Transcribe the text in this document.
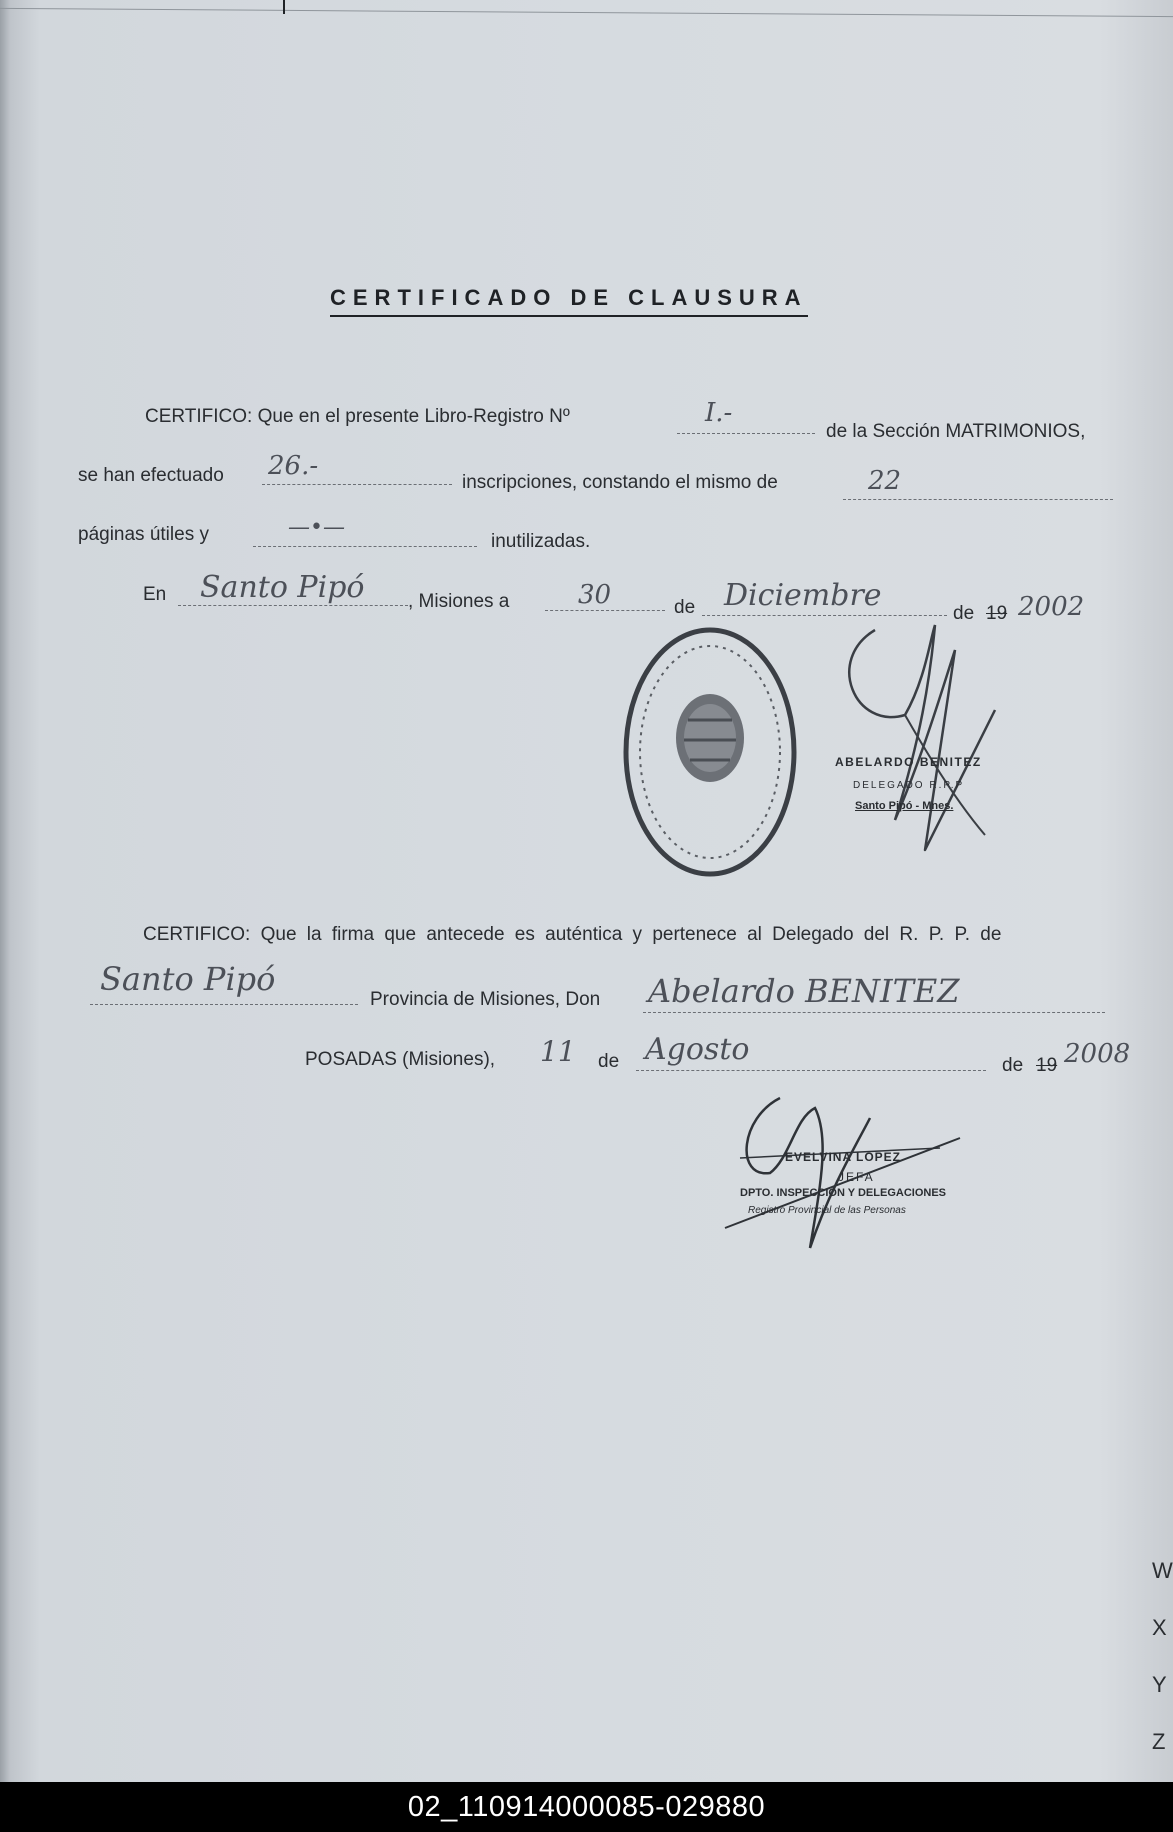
CERTIFICADO DE CLAUSURA
CERTIFICO: Que en el presente Libro-Registro Nº	I.-
de la Sección MATRIMONIOS,
se han efectuado 26.-
inscripciones, constando el mismo de	22
páginas útiles y	—•—
inutilizadas.
En Santo Pipó , Misiones a	30	de Diciembre
de 19 2002
ABELARDO BENITEZ
DELEGADO R.P.P
Santo Pipó - Mnes.
CERTIFICO: Que la firma que antecede es auténtica y pertenece al Delegado del R. P. P. de
Santo Pipó
Provincia de Misiones, Don Abelardo BENITEZ
POSADAS (Misiones), 11 de Agosto	de 19 2008
EVELVINA LOPEZ
JEFA
DPTO. INSPECCION Y DELEGACIONES
Registro Provincial de las Personas
W
X
Y
Z
02_110914000085-029880
